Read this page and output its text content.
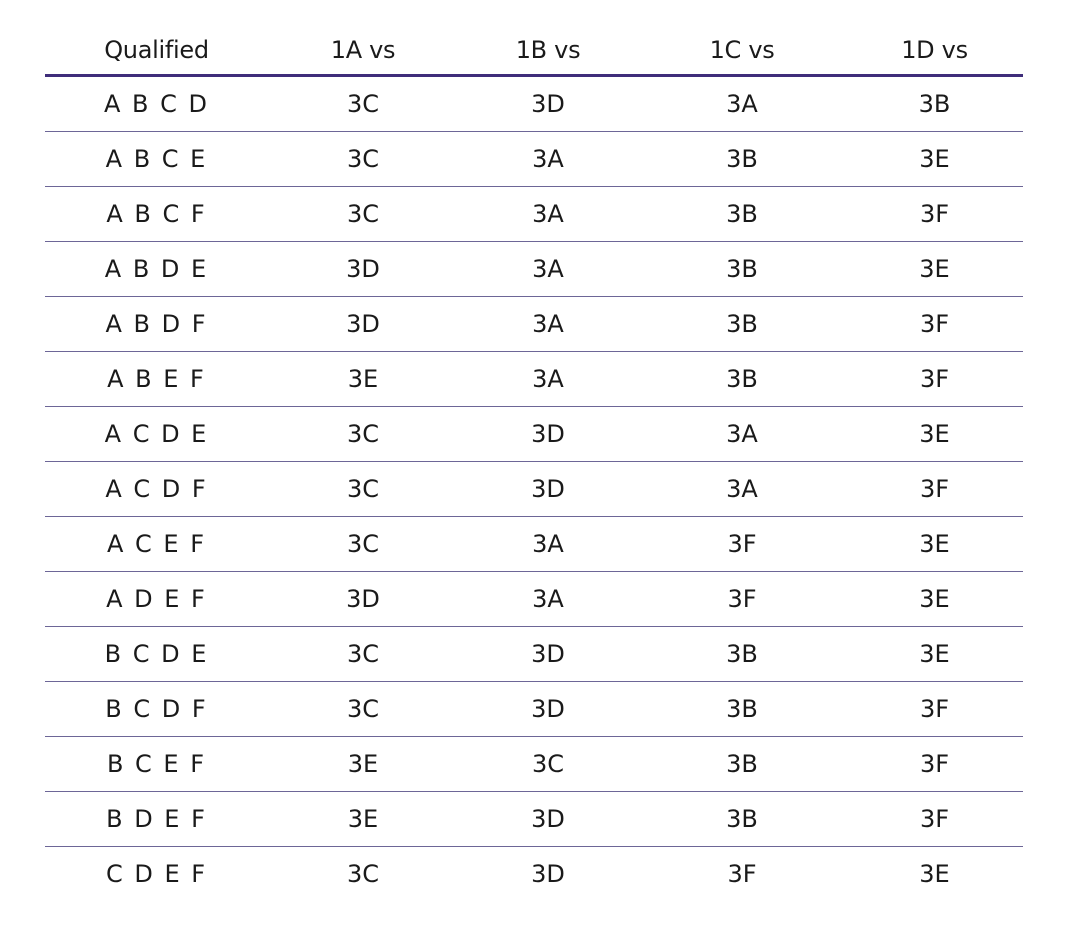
Qualified	1A vs	1B vs	1C vs	1D vs
A B C D	3C	3D	3A	3B
A B C E	3C	3A	3B	3E
A B C F	3C	3A	3B	3F
A B D E	3D	3A	3B	3E
A B D F	3D	3A	3B	3F
A B E F	3E	3A	3B	3F
A C D E	3C	3D	3A	3E
A C D F	3C	3D	3A	3F
A C E F	3C	3A	3F	3E
A D E F	3D	3A	3F	3E
B C D E	3C	3D	3B	3E
B C D F	3C	3D	3B	3F
B C E F	3E	3C	3B	3F
B D E F	3E	3D	3B	3F
C D E F	3C	3D	3F	3E
